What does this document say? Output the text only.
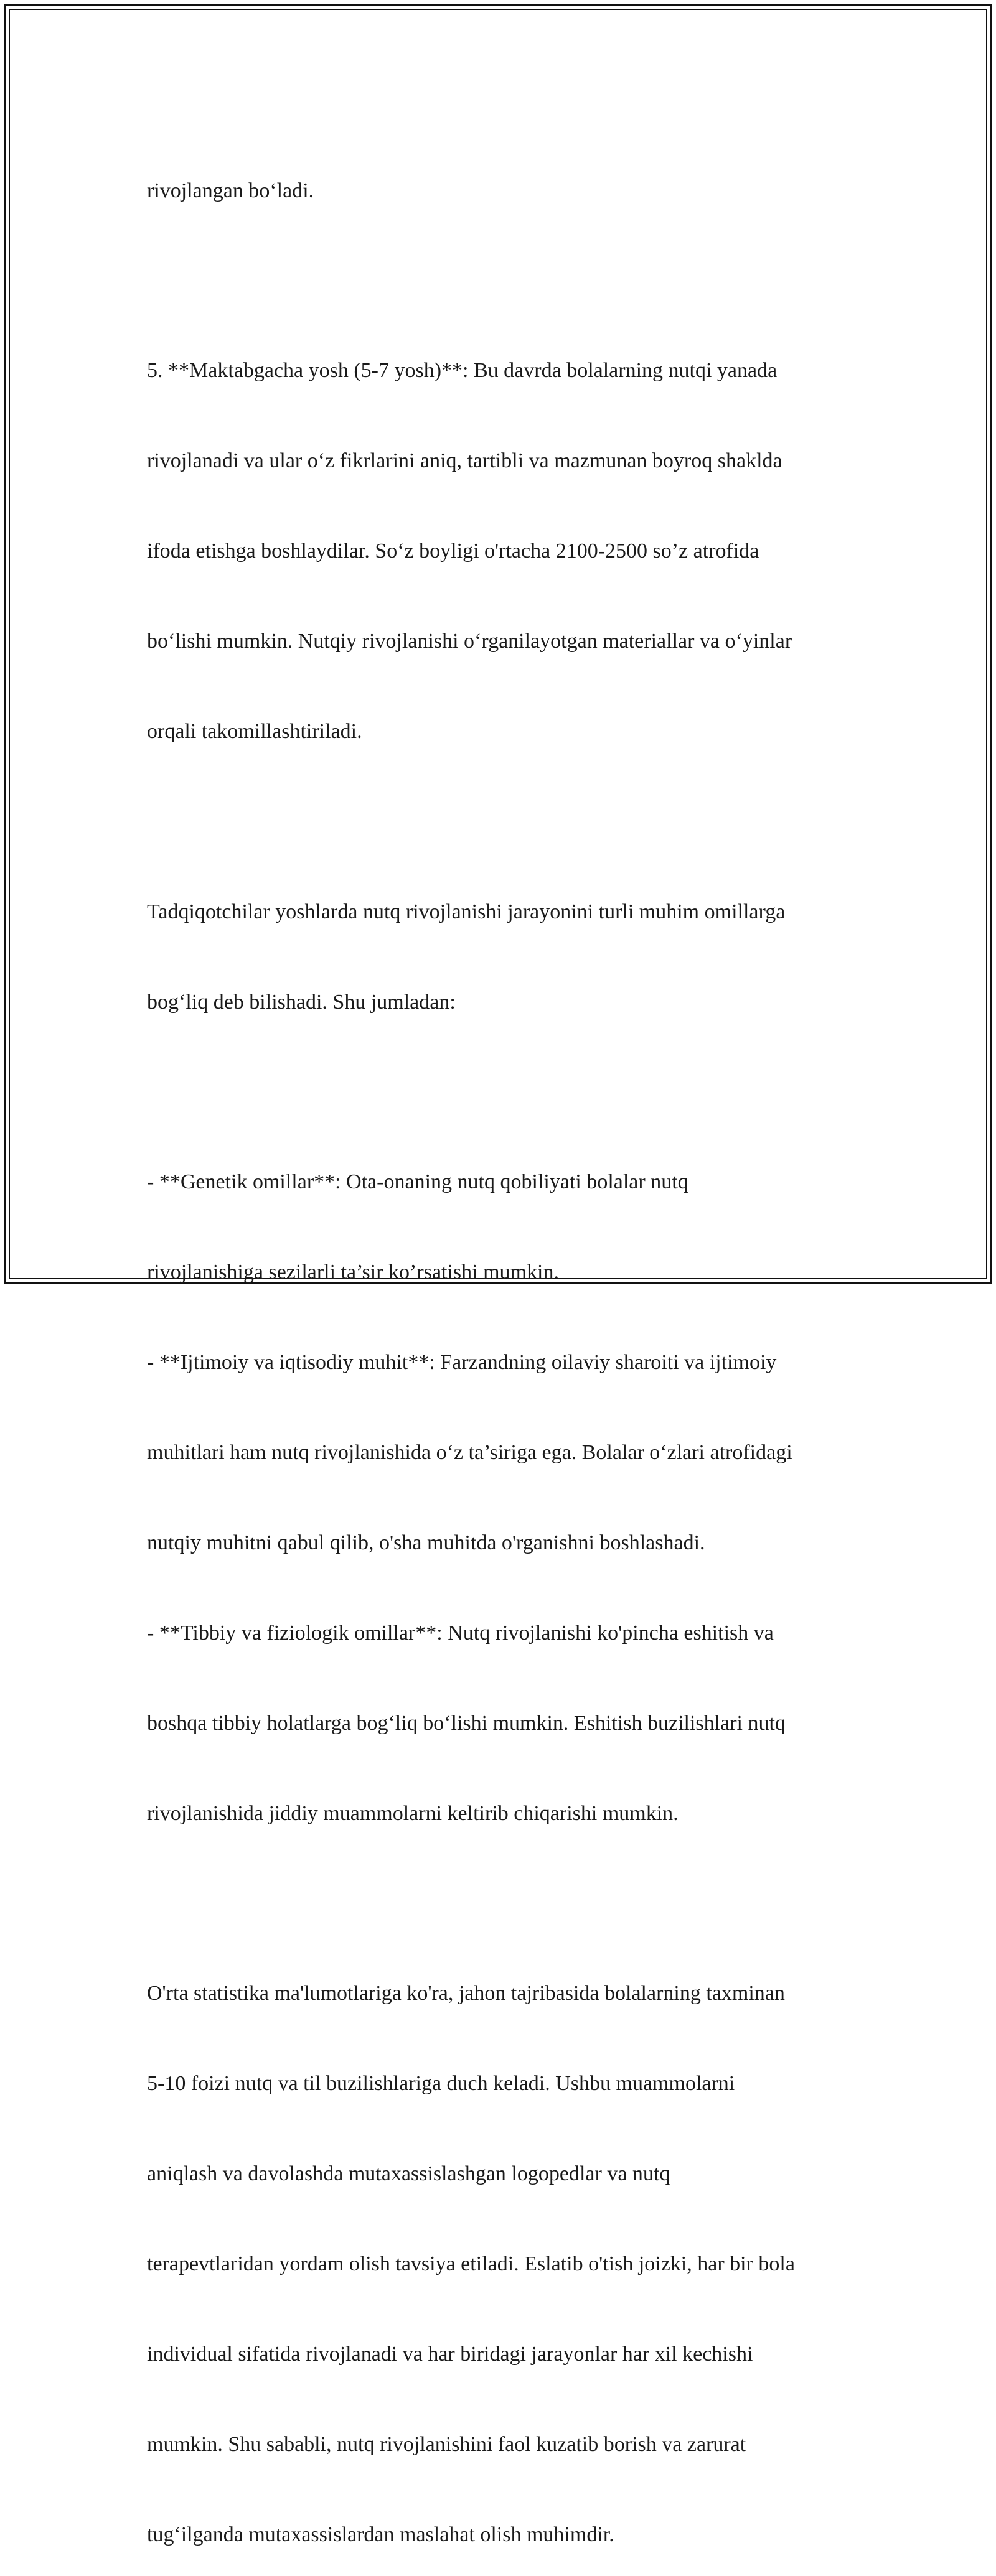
rivojlangan bo‘ladi.

5. **Maktabgacha yosh (5-7 yosh)**: Bu davrda bolalarning nutqi yanada

rivojlanadi va ular o‘z fikrlarini aniq, tartibli va mazmunan boyroq shaklda

ifoda etishga boshlaydilar. So‘z boyligi o'rtacha 2100-2500 so’z atrofida

bo‘lishi mumkin. Nutqiy rivojlanishi o‘rganilayotgan materiallar va o‘yinlar

orqali takomillashtiriladi.

Tadqiqotchilar yoshlarda nutq rivojlanishi jarayonini turli muhim omillarga

bog‘liq deb bilishadi. Shu jumladan:

- **Genetik omillar**: Ota-onaning nutq qobiliyati bolalar nutq

rivojlanishiga sezilarli ta’sir ko’rsatishi mumkin.

- **Ijtimoiy va iqtisodiy muhit**: Farzandning oilaviy sharoiti va ijtimoiy

muhitlari ham nutq rivojlanishida o‘z ta’siriga ega. Bolalar o‘zlari atrofidagi

nutqiy muhitni qabul qilib, o'sha muhitda o'rganishni boshlashadi.

- **Tibbiy va fiziologik omillar**: Nutq rivojlanishi ko'pincha eshitish va

boshqa tibbiy holatlarga bog‘liq bo‘lishi mumkin. Eshitish buzilishlari nutq

rivojlanishida jiddiy muammolarni keltirib chiqarishi mumkin.

O'rta statistika ma'lumotlariga ko'ra, jahon tajribasida bolalarning taxminan

5-10 foizi nutq va til buzilishlariga duch keladi. Ushbu muammolarni

aniqlash va davolashda mutaxassislashgan logopedlar va nutq

terapevtlaridan yordam olish tavsiya etiladi. Eslatib o'tish joizki, har bir bola

individual sifatida rivojlanadi va har biridagi jarayonlar har xil kechishi

mumkin. Shu sababli, nutq rivojlanishini faol kuzatib borish va zarurat

tug‘ilganda mutaxassislardan maslahat olish muhimdir.
